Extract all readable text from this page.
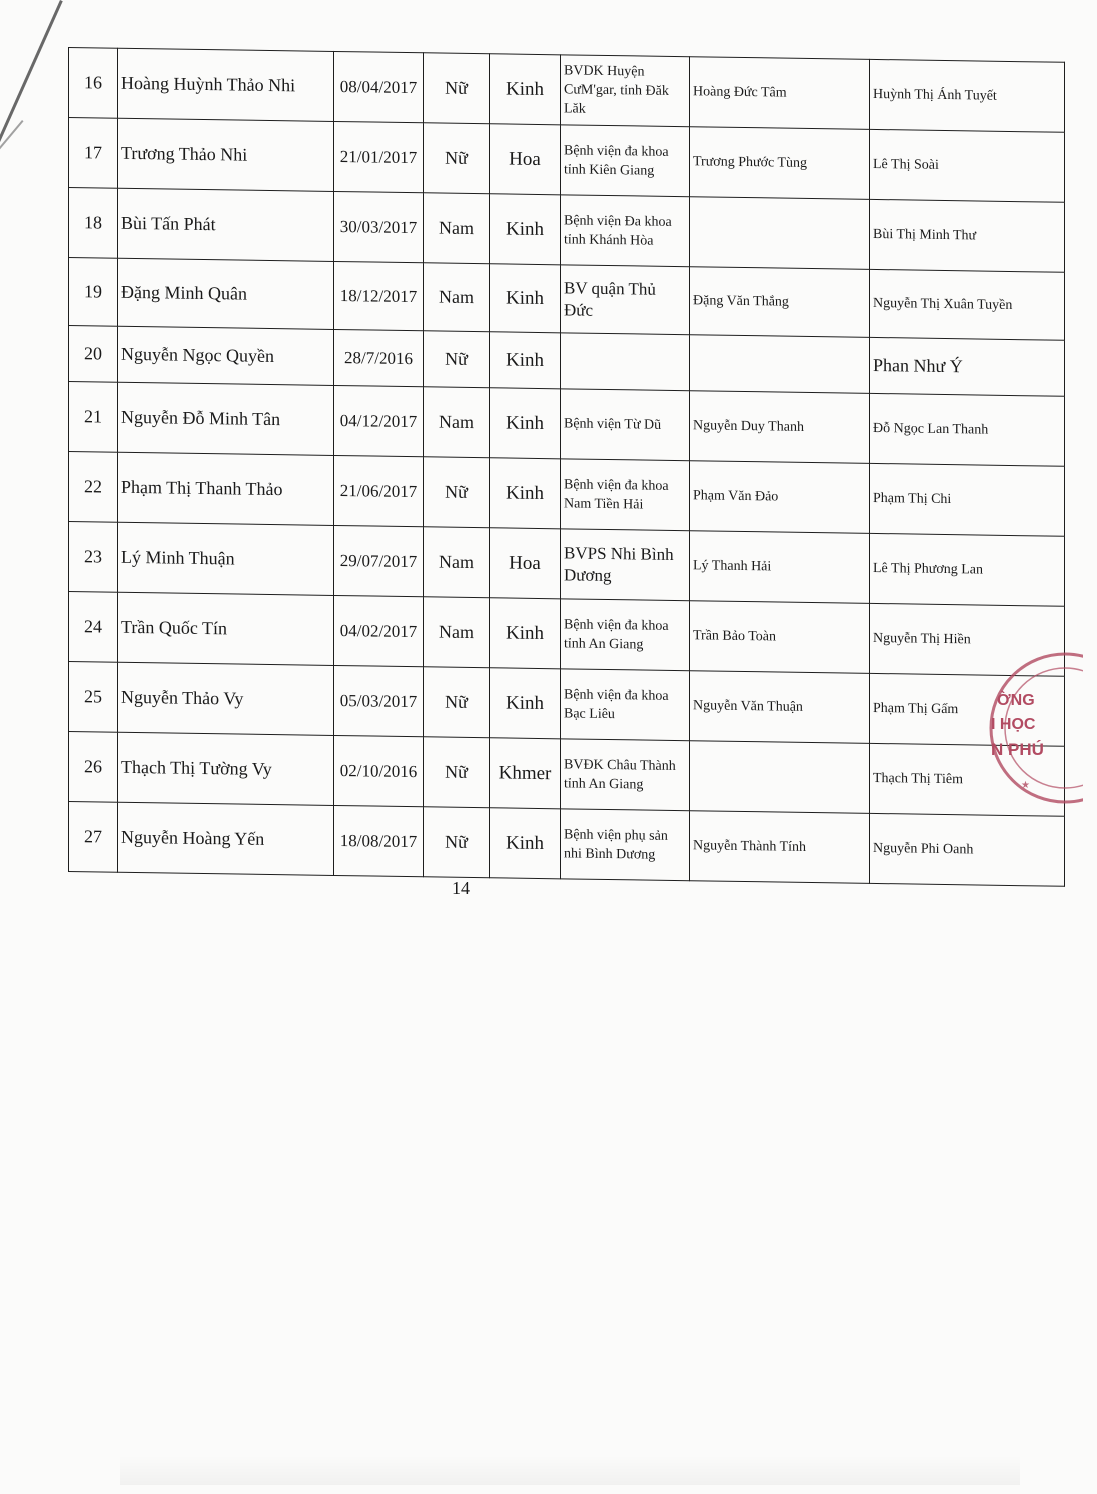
16	Hoàng Huỳnh Thảo Nhi	08/04/2017	Nữ	Kinh	BVDK Huyện CưM'gar, tỉnh Đăk Lăk	Hoàng Đức Tâm	Huỳnh Thị Ánh Tuyết
17	Trương Thảo Nhi	21/01/2017	Nữ	Hoa	Bệnh viện đa khoa tỉnh Kiên Giang	Trương Phước Tùng	Lê Thị Soài
18	Bùi Tấn Phát	30/03/2017	Nam	Kinh	Bệnh viện Đa khoa tỉnh Khánh Hòa		Bùi Thị Minh Thư
19	Đặng Minh Quân	18/12/2017	Nam	Kinh	BV quận Thủ Đức	Đặng Văn Thắng	Nguyễn Thị Xuân Tuyền
20	Nguyễn Ngọc Quyền	28/7/2016	Nữ	Kinh			Phan Như Ý
21	Nguyễn Đỗ Minh Tân	04/12/2017	Nam	Kinh	Bệnh viện Từ Dũ	Nguyễn Duy Thanh	Đỗ Ngọc Lan Thanh
22	Phạm Thị Thanh Thảo	21/06/2017	Nữ	Kinh	Bệnh viện đa khoa Nam Tiền Hải	Phạm Văn Đảo	Phạm Thị Chi
23	Lý Minh Thuận	29/07/2017	Nam	Hoa	BVPS Nhi Bình Dương	Lý Thanh Hải	Lê Thị Phương Lan
24	Trần Quốc Tín	04/02/2017	Nam	Kinh	Bệnh viện đa khoa tỉnh An Giang	Trần Bảo Toàn	Nguyễn Thị Hiền
25	Nguyễn Thảo Vy	05/03/2017	Nữ	Kinh	Bệnh viện đa khoa Bạc Liêu	Nguyễn Văn Thuận	Phạm Thị Gấm
26	Thạch Thị Tường Vy	02/10/2016	Nữ	Khmer	BVĐK Châu Thành tỉnh An Giang		Thạch Thị Tiêm
27	Nguyễn Hoàng Yến	18/08/2017	Nữ	Kinh	Bệnh viện phụ sản nhi Bình Dương	Nguyễn Thành Tính	Nguyễn Phi Oanh
14
★
ỜNG
I HỌC
N PHÚ
